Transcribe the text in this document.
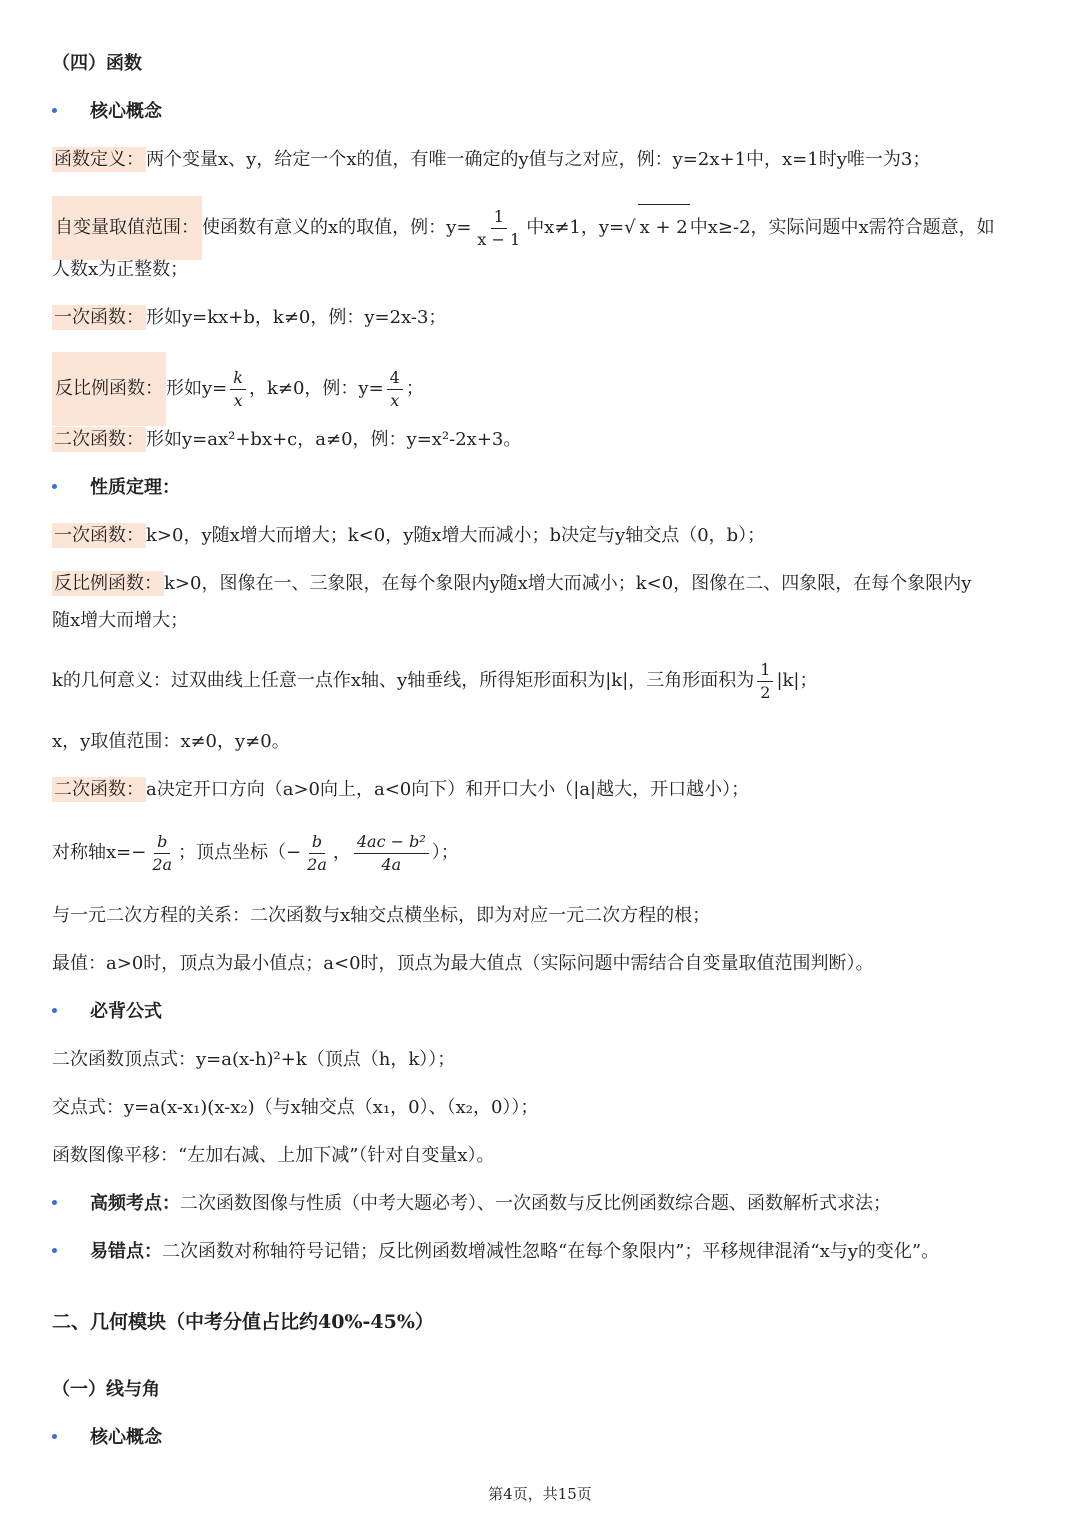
（四）函数
核心概念
函数定义： 两个变量x、y，给定一个x的值，有唯一确定的y值与之对应，例：y=2x+1中，x=1时y唯一为3；
自变量取值范围： 使函数有意义的x的取值，例：$y= \frac{1}{x - 1}$ 中x≠1，y=√ x + 2 中x≥-2，实际问题中x需符合题意，如
人数x为正整数；
一次函数： 形如y=kx+b，k≠0，例：y=2x-3；
反比例函数： 形如$y= \frac{k}{x}$ ，k≠0，例：$y= \frac{4}{x}$ ；
二次函数： 形如y=ax²+bx+c，a≠0，例：y=x²-2x+3。
性质定理：
一次函数： k>0，y随x增大而增大；k<0，y随x增大而减小；b决定与y轴交点（0，b）；
反比例函数： k>0，图像在一、三象限，在每个象限内y随x增大而减小；k<0，图像在二、四象限，在每个象限内y
随x增大而增大；
k的几何意义：过双曲线上任意一点作x轴、y轴垂线，所得矩形面积为|k|，三角形面积为 $\frac{1}{2} |k|$；
x，y取值范围：x≠0，y≠0。
二次函数： a决定开口方向（a>0向上，a<0向下）和开口大小（|a|越大，开口越小）；
对称轴$x=- \frac{b}{2a}$ ；顶点坐标（− $\frac{b}{2a}$ ， $\frac{\text{4ac − b²}}{4a}$ ）；
与一元二次方程的关系：二次函数与x轴交点横坐标，即为对应一元二次方程的根；
最值：a>0时，顶点为最小值点；a<0时，顶点为最大值点（实际问题中需结合自变量取值范围判断）。
必背公式
二次函数顶点式：y=a(x-h)²+k（顶点（h，k））；
交点式：y=a(x-x₁)(x-x₂)（与x轴交点（x₁，0）、（x₂，0））；
函数图像平移：“左加右减、上加下减”（针对自变量x）。
高频考点：二次函数图像与性质（中考大题必考）、一次函数与反比例函数综合题、函数解析式求法；
易错点：二次函数对称轴符号记错；反比例函数增减性忽略“在每个象限内”；平移规律混淆“x与y的变化”。
二、几何模块（中考分值占比约40%-45%）
（一）线与角
核心概念
第4页，共15页
